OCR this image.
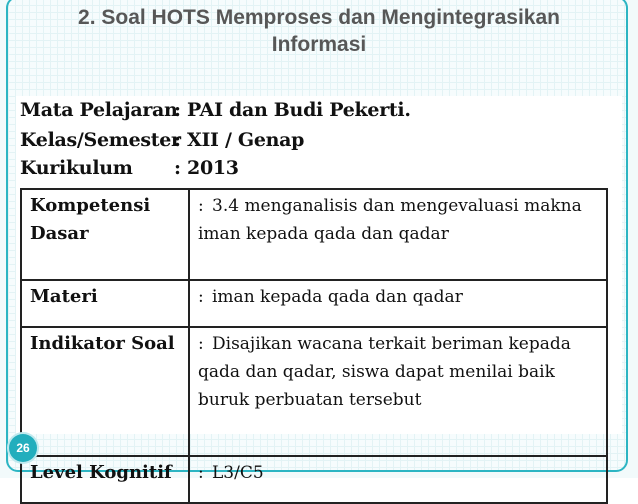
2. Soal HOTS Memproses dan Mengintegrasikan
Informasi
Mata Pelajaran
: PAI dan Budi Pekerti.
Kelas/Semester
: XII / Genap
Kurikulum : 2013
Kompetensi Dasar	: 3.4 menganalisis dan mengevaluasi makna iman kepada qada dan qadar
Materi	: iman kepada qada dan qadar
Indikator Soal	: Disajikan wacana terkait beriman kepada qada dan qadar, siswa dapat menilai baik buruk perbuatan tersebut
Level Kognitif	: L3/C5
26
